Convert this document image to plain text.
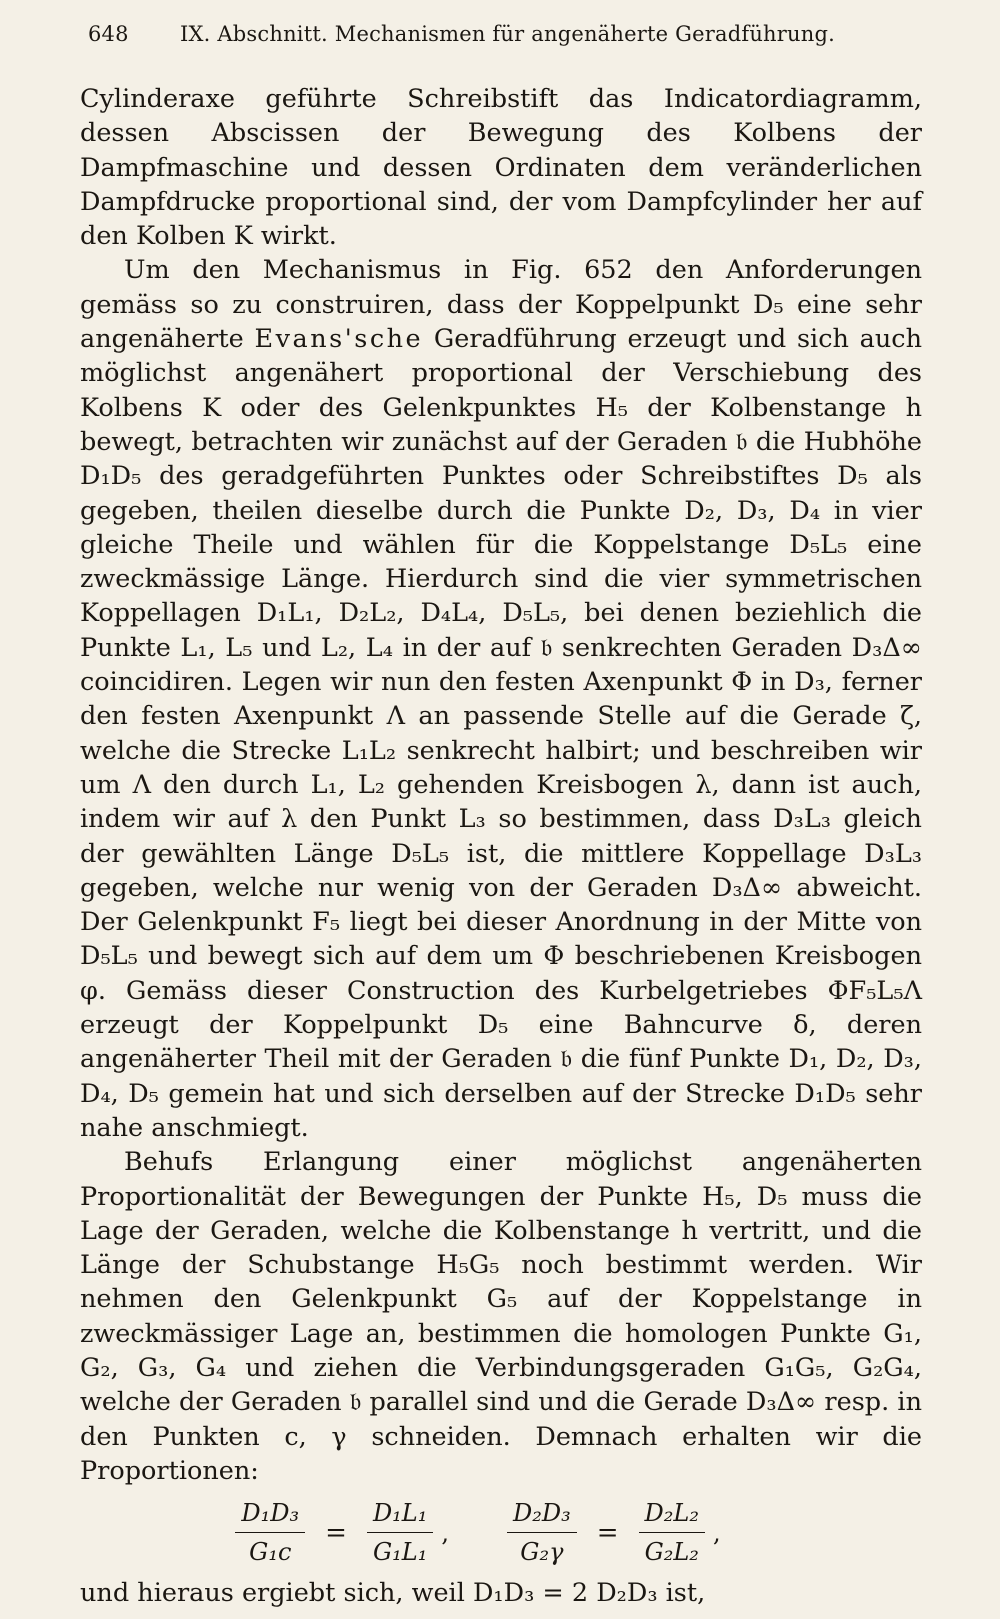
648	IX. Abschnitt. Mechanismen für angenäherte Geradführung.

Cylinderaxe geführte Schreibstift das Indicatordiagramm, dessen Abscissen der Bewegung des Kolbens der Dampfmaschine und dessen Ordinaten dem veränderlichen Dampfdrucke proportional sind, der vom Dampfcylinder her auf den Kolben K wirkt.

Um den Mechanismus in Fig. 652 den Anforderungen gemäss so zu construiren, dass der Koppelpunkt D₅ eine sehr angenäherte Evans'sche Geradführung erzeugt und sich auch möglichst angenähert proportional der Verschiebung des Kolbens K oder des Gelenkpunktes H₅ der Kolbenstange h bewegt, betrachten wir zunächst auf der Geraden 𝔟 die Hubhöhe D₁D₅ des geradgeführten Punktes oder Schreibstiftes D₅ als gegeben, theilen dieselbe durch die Punkte D₂, D₃, D₄ in vier gleiche Theile und wählen für die Koppelstange D₅L₅ eine zweckmässige Länge. Hierdurch sind die vier symmetrischen Koppellagen D₁L₁, D₂L₂, D₄L₄, D₅L₅, bei denen beziehlich die Punkte L₁, L₅ und L₂, L₄ in der auf 𝔟 senkrechten Geraden D₃Δ∞ coincidiren. Legen wir nun den festen Axenpunkt Φ in D₃, ferner den festen Axenpunkt Λ an passende Stelle auf die Gerade ζ, welche die Strecke L₁L₂ senkrecht halbirt; und beschreiben wir um Λ den durch L₁, L₂ gehenden Kreisbogen λ, dann ist auch, indem wir auf λ den Punkt L₃ so bestimmen, dass D₃L₃ gleich der gewählten Länge D₅L₅ ist, die mittlere Koppellage D₃L₃ gegeben, welche nur wenig von der Geraden D₃Δ∞ abweicht. Der Gelenkpunkt F₅ liegt bei dieser Anordnung in der Mitte von D₅L₅ und bewegt sich auf dem um Φ beschriebenen Kreisbogen φ. Gemäss dieser Construction des Kurbelgetriebes ΦF₅L₅Λ erzeugt der Koppelpunkt D₅ eine Bahncurve δ, deren angenäherter Theil mit der Geraden 𝔟 die fünf Punkte D₁, D₂, D₃, D₄, D₅ gemein hat und sich derselben auf der Strecke D₁D₅ sehr nahe anschmiegt.

Behufs Erlangung einer möglichst angenäherten Proportionalität der Bewegungen der Punkte H₅, D₅ muss die Lage der Geraden, welche die Kolbenstange h vertritt, und die Länge der Schubstange H₅G₅ noch bestimmt werden. Wir nehmen den Gelenkpunkt G₅ auf der Koppelstange in zweckmässiger Lage an, bestimmen die homologen Punkte G₁, G₂, G₃, G₄ und ziehen die Verbindungsgeraden G₁G₅, G₂G₄, welche der Geraden 𝔟 parallel sind und die Gerade D₃Δ∞ resp. in den Punkten c, γ schneiden. Demnach erhalten wir die Proportionen:

$\frac{\text{D₁D₃}}{\text{G₁c}} = \frac{\text{D₁L₁}}{\text{G₁L₁}}$ , $\frac{\text{D₂D₃}}{\text{G₂γ}} = \frac{\text{D₂L₂}}{\text{G₂L₂}}$ ,

und hieraus ergiebt sich, weil D₁D₃ = 2 D₂D₃ ist,
